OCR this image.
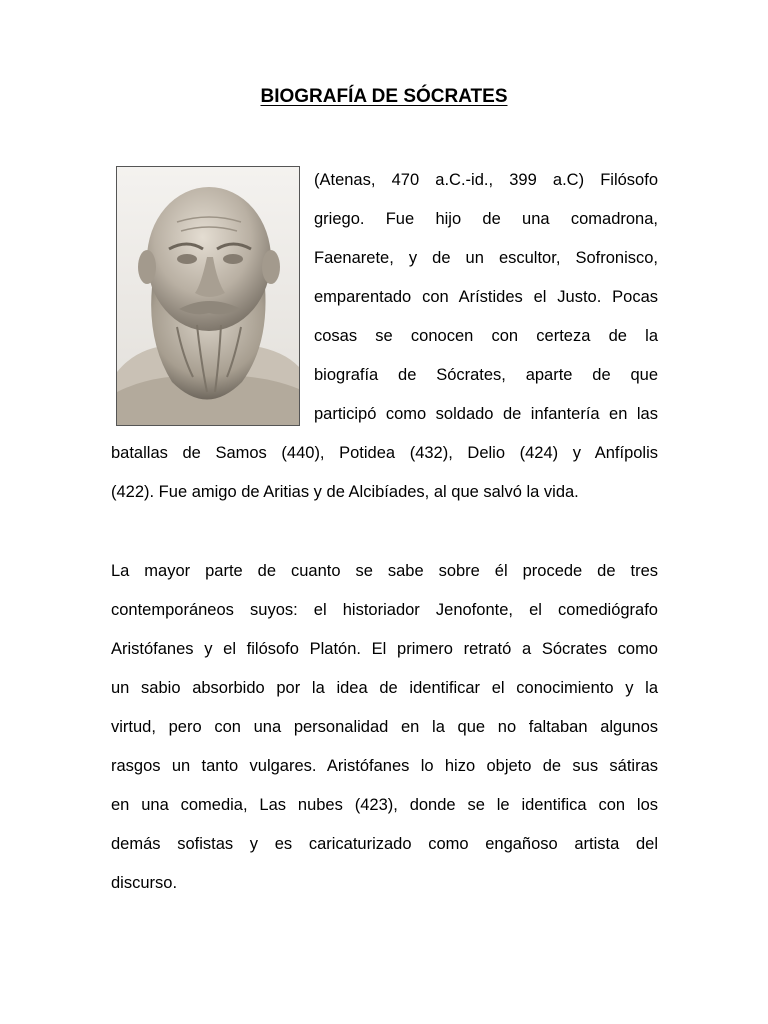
BIOGRAFÍA DE SÓCRATES
(Atenas, 470 a.C.-id., 399 a.C) Filósofo
griego. Fue hijo de una comadrona,
Faenarete, y de un escultor, Sofronisco,
emparentado con Arístides el Justo. Pocas
cosas se conocen con certeza de la
biografía de Sócrates, aparte de que
participó como soldado de infantería en las
batallas de Samos (440), Potidea (432), Delio (424) y Anfípolis
(422). Fue amigo de Aritias y de Alcibíades, al que salvó la vida.
La mayor parte de cuanto se sabe sobre él procede de tres
contemporáneos suyos: el historiador Jenofonte, el comediógrafo
Aristófanes y el filósofo Platón. El primero retrató a Sócrates como
un sabio absorbido por la idea de identificar el conocimiento y la
virtud, pero con una personalidad en la que no faltaban algunos
rasgos un tanto vulgares. Aristófanes lo hizo objeto de sus sátiras
en una comedia, Las nubes (423), donde se le identifica con los
demás sofistas y es caricaturizado como engañoso artista del
discurso.
